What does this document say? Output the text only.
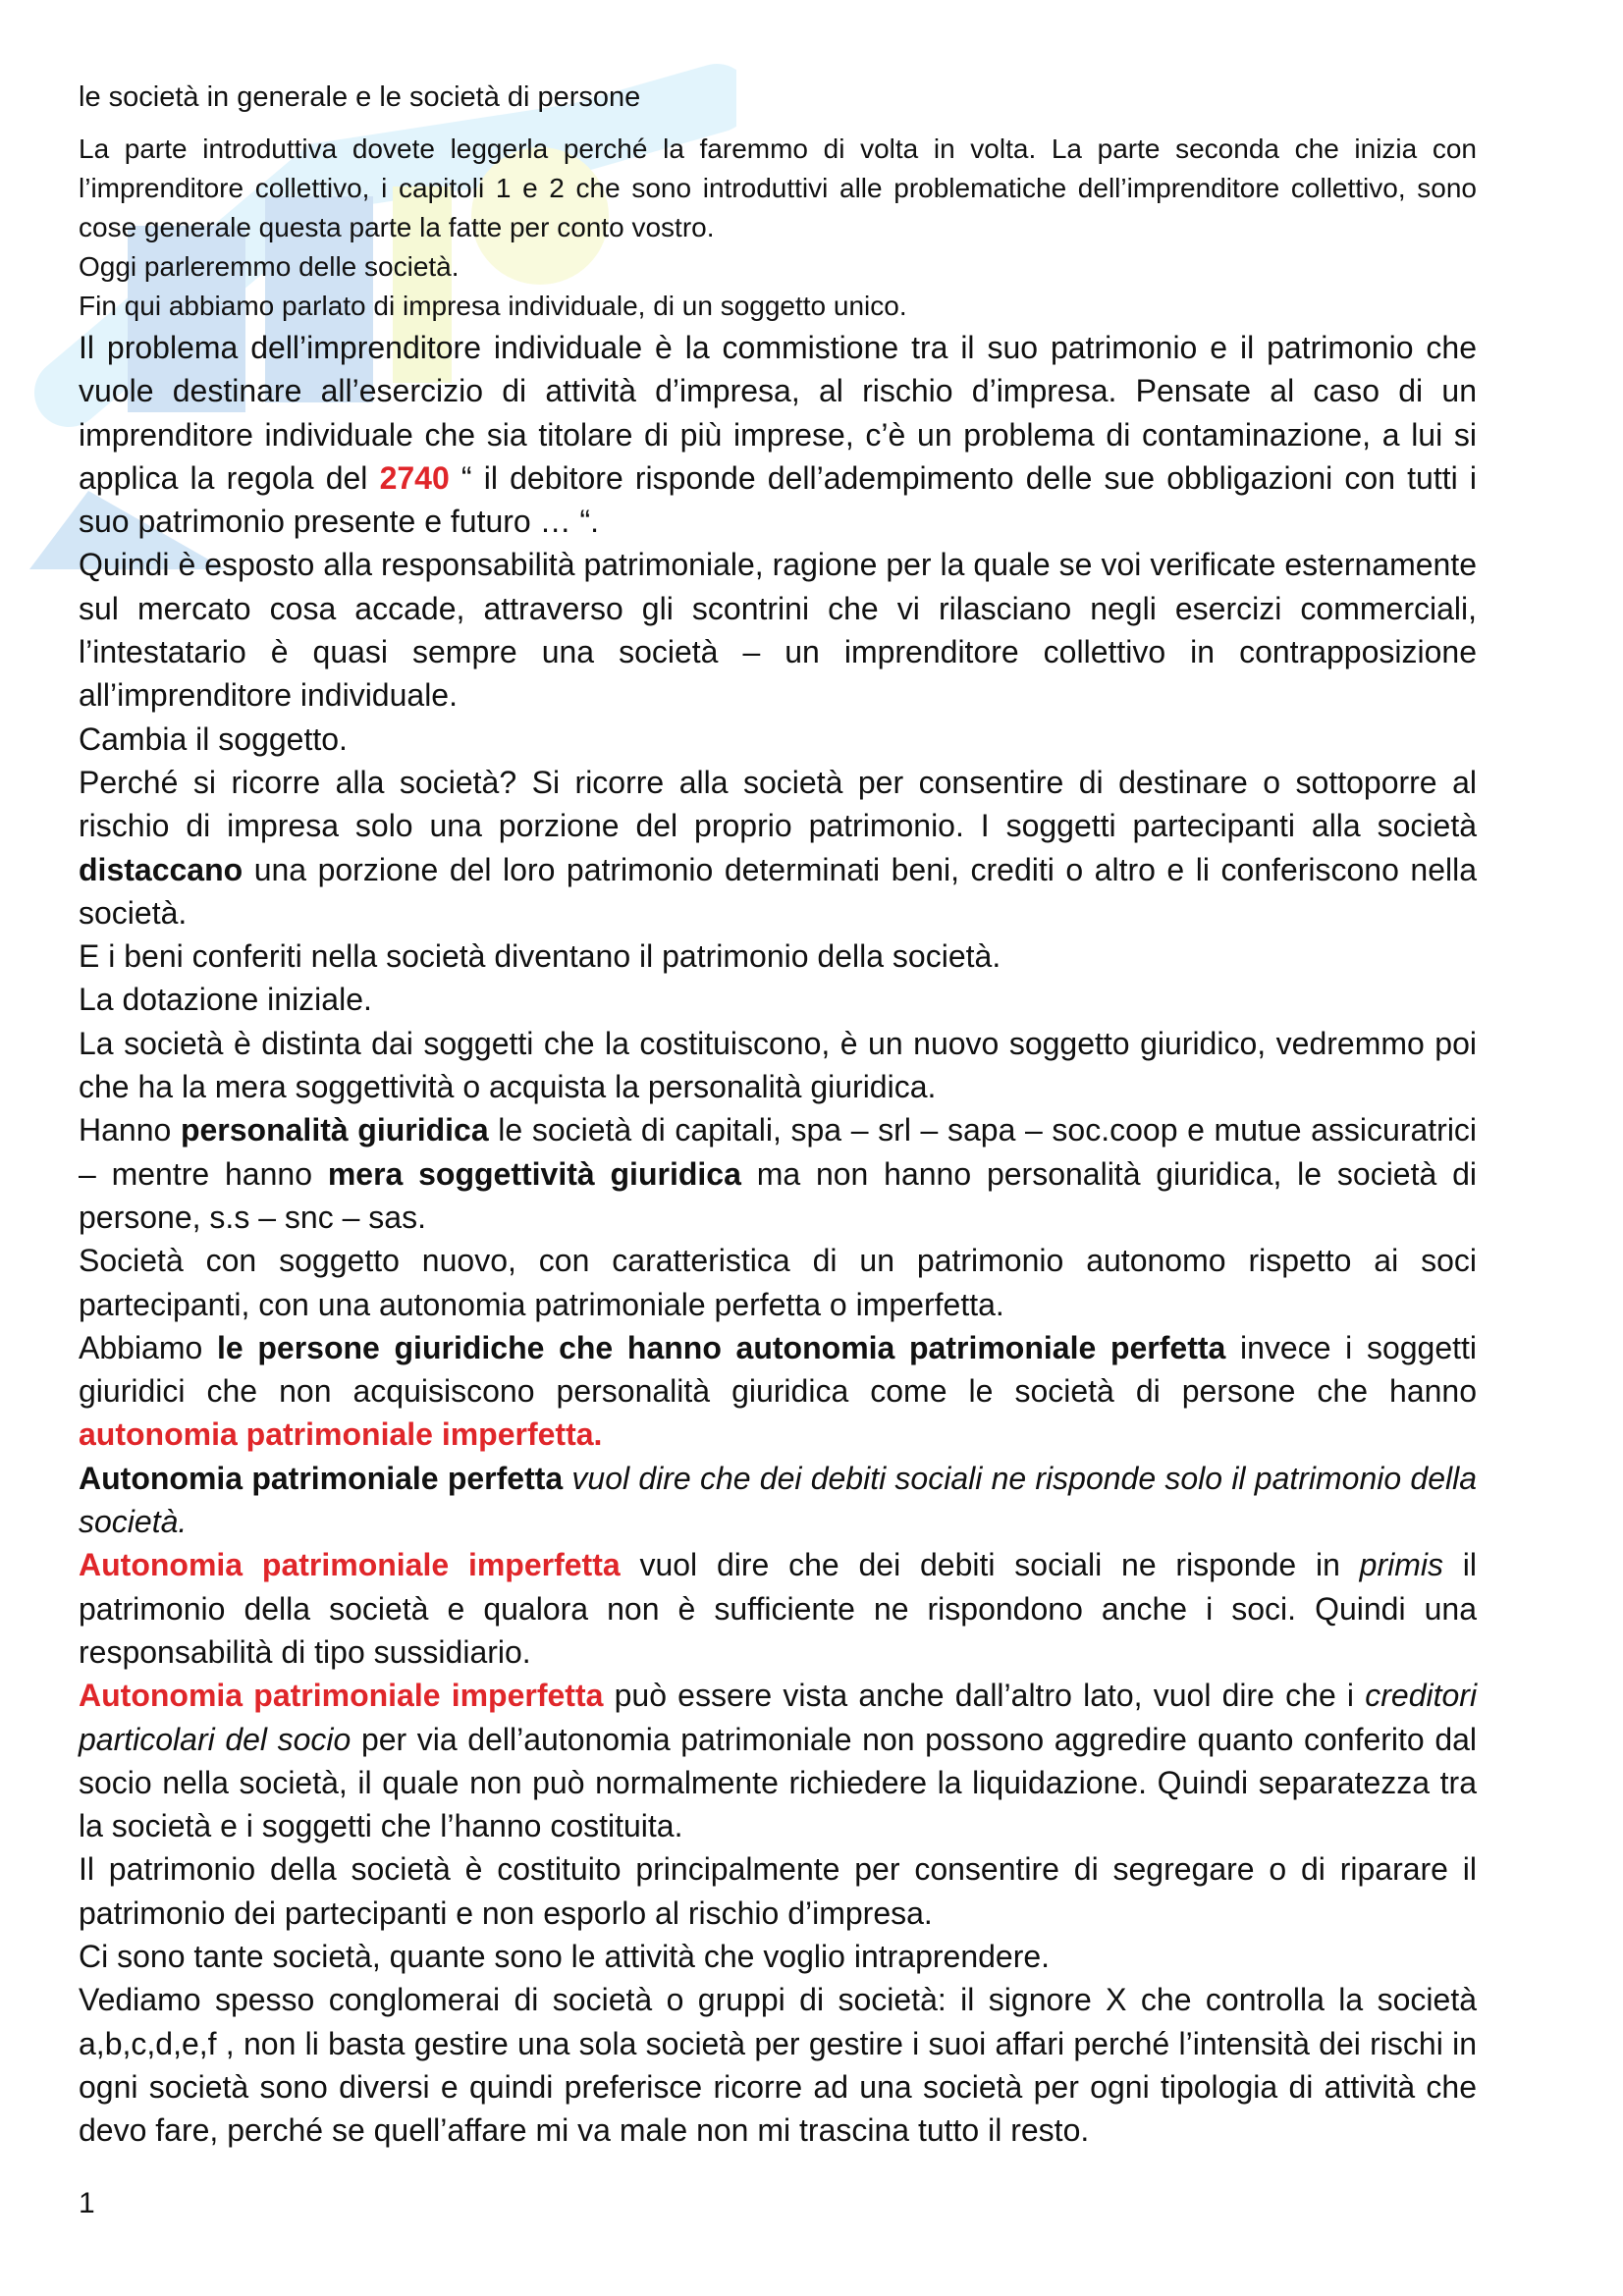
le società in generale e le società di persone

La parte introduttiva dovete leggerla perché la faremmo di volta in volta. La parte seconda che inizia con l’imprenditore collettivo, i capitoli 1 e 2 che sono introduttivi alle problematiche dell’imprenditore collettivo, sono cose generale questa parte la fatte per conto vostro.

Oggi parleremmo delle società.

Fin qui abbiamo parlato di impresa individuale, di un soggetto unico.

Il problema dell’imprenditore individuale è la commistione tra il suo patrimonio e il patrimonio che vuole destinare all’esercizio di attività d’impresa, al rischio d’impresa. Pensate al caso di un imprenditore individuale che sia titolare di più imprese, c’è un problema di contaminazione, a lui si applica la regola del 2740 “ il debitore risponde dell’adempimento delle sue obbligazioni con tutti i suo patrimonio presente e futuro … “.

Quindi è esposto alla responsabilità patrimoniale, ragione per la quale se voi verificate esternamente sul mercato cosa accade, attraverso gli scontrini che vi rilasciano negli esercizi commerciali, l’intestatario è quasi sempre una società – un imprenditore collettivo in contrapposizione all’imprenditore individuale.

Cambia il soggetto.

Perché si ricorre alla società? Si ricorre alla società per consentire di destinare o sottoporre al rischio di impresa solo una porzione del proprio patrimonio. I soggetti partecipanti alla società distaccano una porzione del loro patrimonio determinati beni, crediti o altro e li conferiscono nella società.

E i beni conferiti nella società diventano il patrimonio della società.

La dotazione iniziale.

La società è distinta dai soggetti che la costituiscono, è un nuovo soggetto giuridico, vedremmo poi che ha la mera soggettività o acquista la personalità giuridica.

Hanno personalità giuridica le società di capitali, spa – srl – sapa – soc.coop e mutue assicuratrici – mentre hanno mera soggettività giuridica ma non hanno personalità giuridica, le società di persone, s.s – snc – sas.

Società con soggetto nuovo, con caratteristica di un patrimonio autonomo rispetto ai soci partecipanti, con una autonomia patrimoniale perfetta o imperfetta.

Abbiamo le persone giuridiche che hanno autonomia patrimoniale perfetta invece i soggetti giuridici che non acquisiscono personalità giuridica come le società di persone che hanno autonomia patrimoniale imperfetta.

Autonomia patrimoniale perfetta vuol dire che dei debiti sociali ne risponde solo il patrimonio della società.

Autonomia patrimoniale imperfetta vuol dire che dei debiti sociali ne risponde in primis il patrimonio della società e qualora non è sufficiente ne rispondono anche i soci. Quindi una responsabilità di tipo sussidiario.

Autonomia patrimoniale imperfetta può essere vista anche dall’altro lato, vuol dire che i creditori particolari del socio per via dell’autonomia patrimoniale non possono aggredire quanto conferito dal socio nella società, il quale non può normalmente richiedere la liquidazione. Quindi separatezza tra la società e i soggetti che l’hanno costituita.

Il patrimonio della società è costituito principalmente per consentire di segregare o di riparare il patrimonio dei partecipanti e non esporlo al rischio d’impresa.

Ci sono tante società, quante sono le attività che voglio intraprendere.

Vediamo spesso conglomerai di società o gruppi di società: il signore X che controlla la società a,b,c,d,e,f , non li basta gestire una sola società per gestire i suoi affari perché l’intensità dei rischi in ogni società sono diversi e quindi preferisce ricorre ad una società per ogni tipologia di attività che devo fare, perché se quell’affare mi va male non mi trascina tutto il resto.

1
